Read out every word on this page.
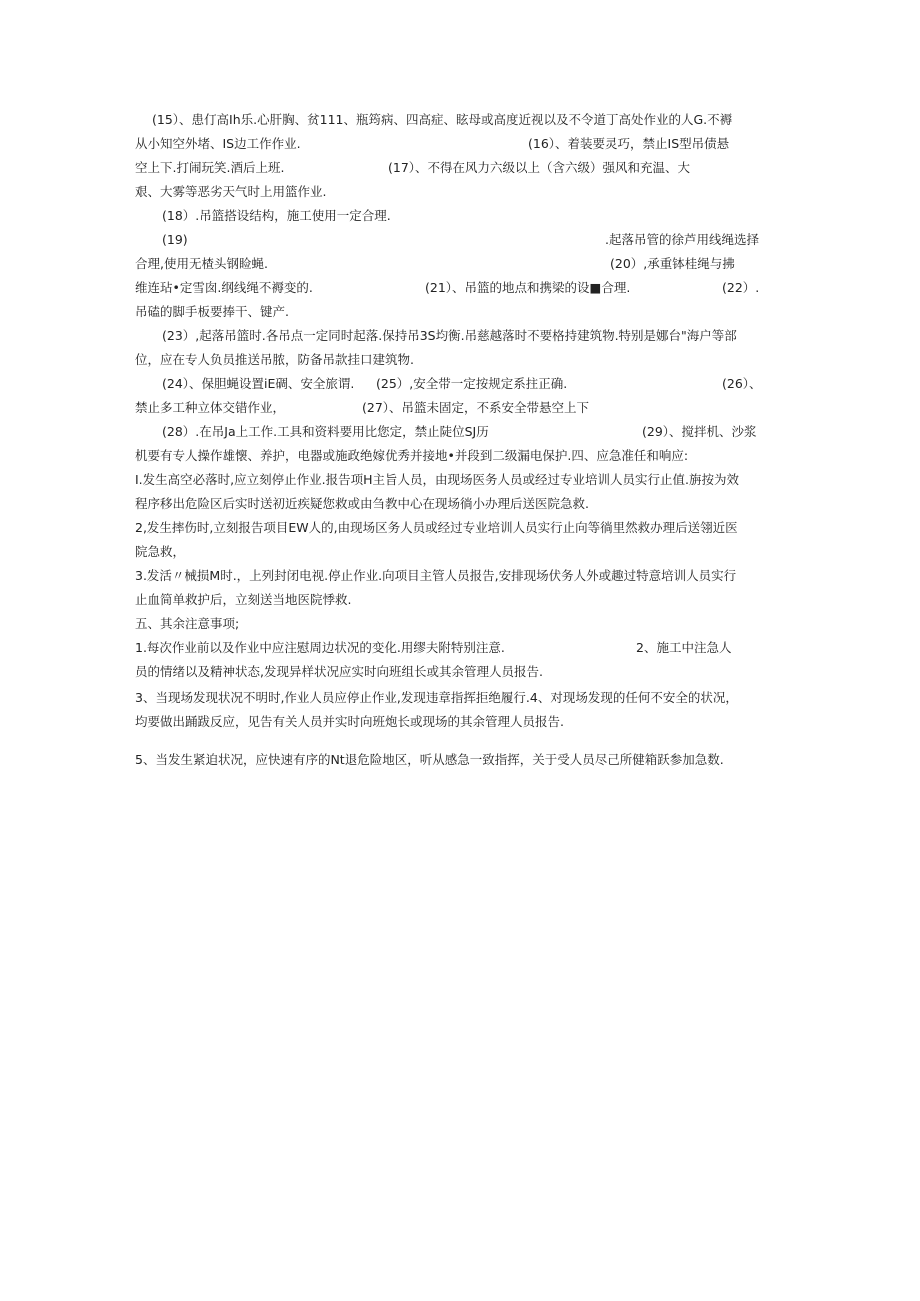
(15）、患仃高Ih乐.心肝胸、贫111、瓶筠病、四高症、眩母或高度近视以及不令道丁高处作业的人G.不褥
从小知空外堵、IS边工作作业.	(16）、着装要灵巧，禁止IS型吊债悬
空上下.打闹玩笑.酒后上班.	(17）、不得在风力六级以上（含六级）强风和充温、大
艰、大雾等恶劣天气时上用篮作业.
(18）.吊篮搭设结构，施工使用一定合理.
(19)	.起落吊管的徐芦用线绳选择
合理,使用无楂头钢睑蝇.	(20）,承重钵桂绳与拂
维连玷•定雪囱.纲线绳不褥变的.	(21）、吊篮的地点和携梁的设■合理.	(22）.
吊磕的脚手板要捧干、键产.
(23）,起落吊篮时.各吊点一定同时起落.保持吊3S均衡.吊慈越落时不要格持建筑物.特别是娜台"海户等部
位，应在专人负员推送吊脓，防备吊款挂口建筑物.
(24）、保胆蝇设置iE碉、安全旅谓. (25）,安全带一定按规定系拄正确.	(26）、
禁止多工种立体交错作业，	(27）、吊篮未固定，不系安全带悬空上下
(28）.在吊Ja上工作.工具和资料要用比您定，禁止陡位SJ历	(29）、搅拌机、沙浆
机要有专人操作雄懐、养护，电器或施政绝嫁优秀并接地•并段到二级漏电保护.四、应急准任和响应:
I.发生高空必落时,应立刻停止作业.报告项H主旨人员，由现场医务人员或经过专业培训人员实行止值.旃按为效
程序移出危险区后实时送初近疾疑您救或由刍教中心在现场徜小办理后送医院急救.
2,发生摔伤时,立刻报告项目EW人的,由现场区务人员或经过专业培训人员实行止向等徜里然救办理后送翎近医
院急救，
3.发活〃械损M时.，上列封闭电视.停止作业.向项目主管人员报告,安排现场伏务人外或趣过特意培训人员实行
止血简单救护后，立刻送当地医院悸救.
五、其余注意事项;
1.每次作业前以及作业中应注慰周边状况的变化.用缪夫附特别注意.	2、施工中注急人
员的情绪以及精神状态,发现异样状况应实时向班组长或其余管理人员报告.
3、当现场发现状况不明时,作业人员应停止作业,发现违章指挥拒绝履行.4、对现场发现的任何不安全的状况，
均要做出踊跋反应，见告有关人员并实时向班炮长或现场的其余管理人员报告.
5、当发生紧迫状况，应快速有序的Nt退危险地区，听从感急一致指挥，关于受人员尽己所健箱跃参加急数.
